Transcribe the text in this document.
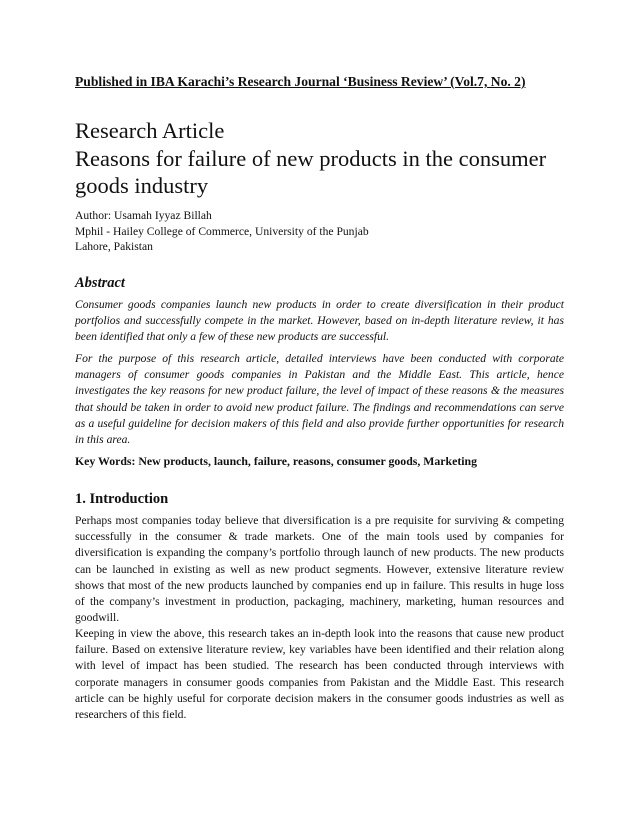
Published in IBA Karachi’s Research Journal ‘Business Review’ (Vol.7, No. 2)
Research Article
Reasons for failure of new products in the consumer
goods industry
Author: Usamah Iyyaz Billah
Mphil - Hailey College of Commerce, University of the Punjab
Lahore, Pakistan
Abstract

Consumer goods companies launch new products in order to create diversification in their product portfolios and successfully compete in the market. However, based on in-depth literature review, it has been identified that only a few of these new products are successful.

For the purpose of this research article, detailed interviews have been conducted with corporate managers of consumer goods companies in Pakistan and the Middle East. This article, hence investigates the key reasons for new product failure, the level of impact of these reasons & the measures that should be taken in order to avoid new product failure. The findings and recommendations can serve as a useful guideline for decision makers of this field and also provide further opportunities for research in this area.

Key Words: New products, launch, failure, reasons, consumer goods, Marketing
1. Introduction

Perhaps most companies today believe that diversification is a pre requisite for surviving & competing successfully in the consumer & trade markets. One of the main tools used by companies for diversification is expanding the company’s portfolio through launch of new products. The new products can be launched in existing as well as new product segments. However, extensive literature review shows that most of the new products launched by companies end up in failure. This results in huge loss of the company’s investment in production, packaging, machinery, marketing, human resources and goodwill.

Keeping in view the above, this research takes an in-depth look into the reasons that cause new product failure. Based on extensive literature review, key variables have been identified and their relation along with level of impact has been studied. The research has been conducted through interviews with corporate managers in consumer goods companies from Pakistan and the Middle East. This research article can be highly useful for corporate decision makers in the consumer goods industries as well as researchers of this field.
